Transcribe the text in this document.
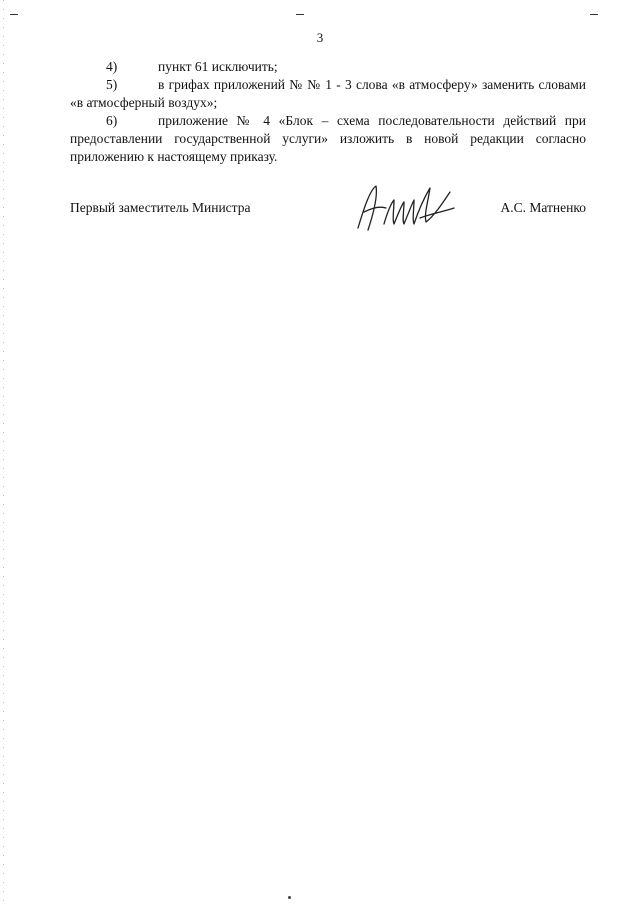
3

4)	пункт 61 исключить;

5)	в грифах приложений № № 1 - 3 слова «в атмосферу» заменить словами «в атмосферный воздух»;

6)	приложение № 4 «Блок – схема последовательности действий при предоставлении государственной услуги» изложить в новой редакции согласно приложению к настоящему приказу.

Первый заместитель Министра	А.С. Матненко
